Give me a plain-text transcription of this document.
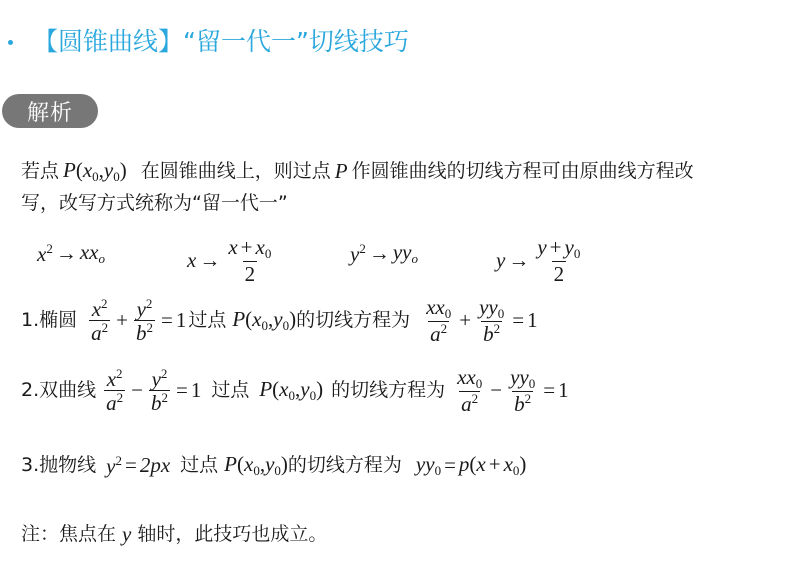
【圆锥曲线】“留一代一”切线技巧
解析
若点 $P(x_0,y_0)$ 在圆锥曲线上，则过点 P 作圆锥曲线的切线方程可由原曲线方程改
写，改写方式统称为“留一代一”
$x^2 \to xx_o$	$x \to \frac{x + x_0}{2}$	$y^2 \to yy_o$	$y \to \frac{y + y_0}{2}$
1.椭圆 $\frac{x^2}{a^2} + \frac{y^2}{b^2} = 1$ 过点 $P(x_0,y_0)$ 的切线方程为 $\frac{xx_0}{a^2} + \frac{yy_0}{b^2} = 1$
2.双曲线 $\frac{x^2}{a^2} - \frac{y^2}{b^2} = 1$ 过点 $P(x_0,y_0)$ 的切线方程为 $\frac{xx_0}{a^2} - \frac{yy_0}{b^2} = 1$
3.抛物线 $y^2 = 2px$ 过点 $P(x_0,y_0)$ 的切线方程为 $yy_0 = p(x + x_0)$
注：焦点在 y 轴时，此技巧也成立。
